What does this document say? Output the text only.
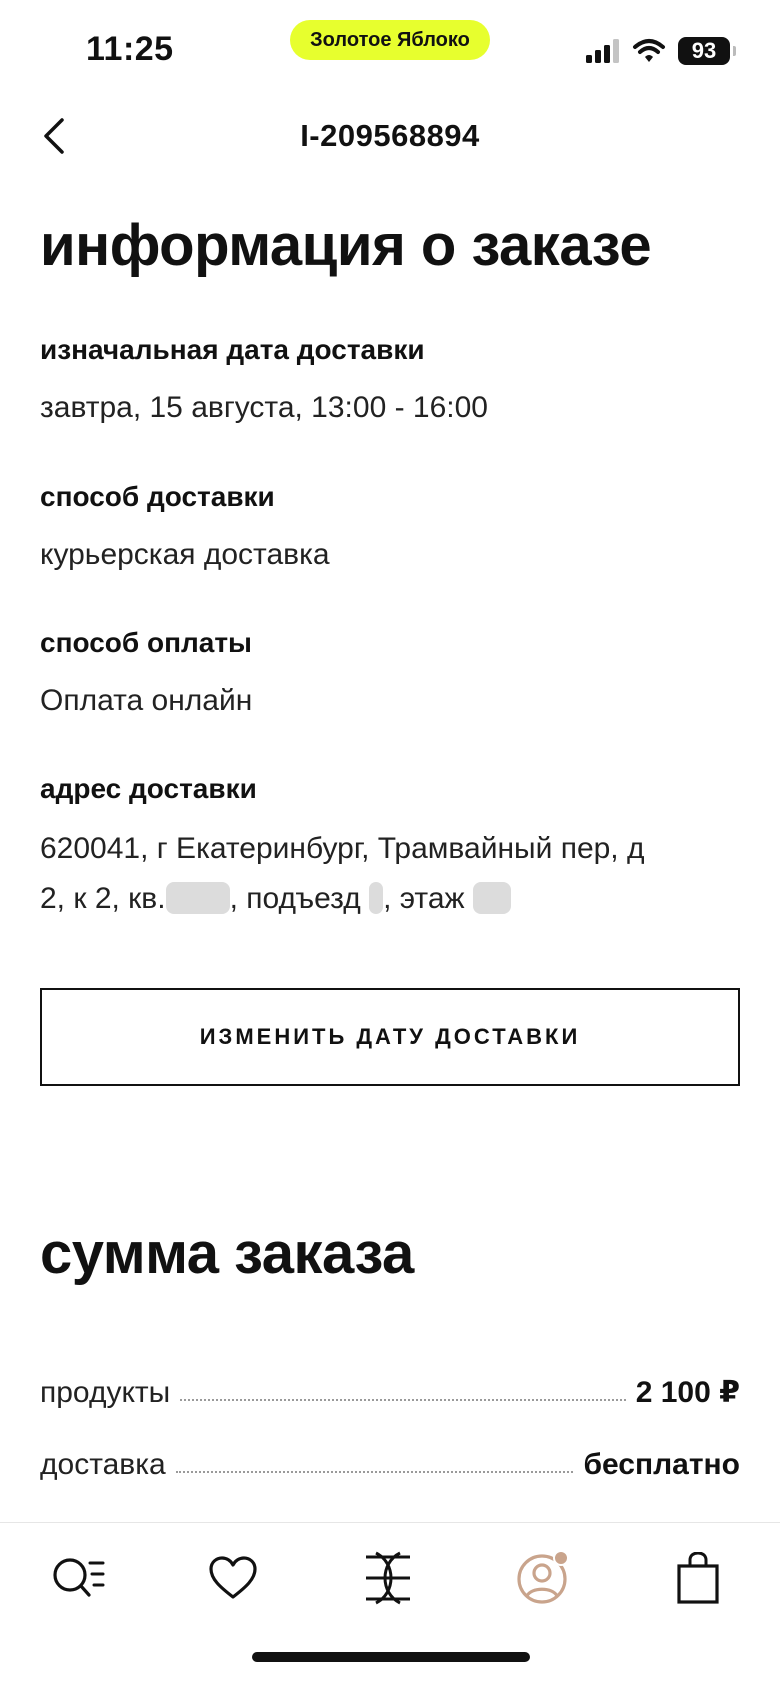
11:25	Золотое Яблоко	93
I-209568894
информация о заказе
изначальная дата доставки
завтра, 15 августа, 13:00 - 16:00
способ доставки
курьерская доставка
способ оплаты
Оплата онлайн
адрес доставки
620041, г Екатеринбург, Трамвайный пер, д
2, к 2, кв. , подъезд , этаж
ИЗМЕНИТЬ ДАТУ ДОСТАВКИ
сумма заказа
продукты	2 100 ₽
доставка	бесплатно
